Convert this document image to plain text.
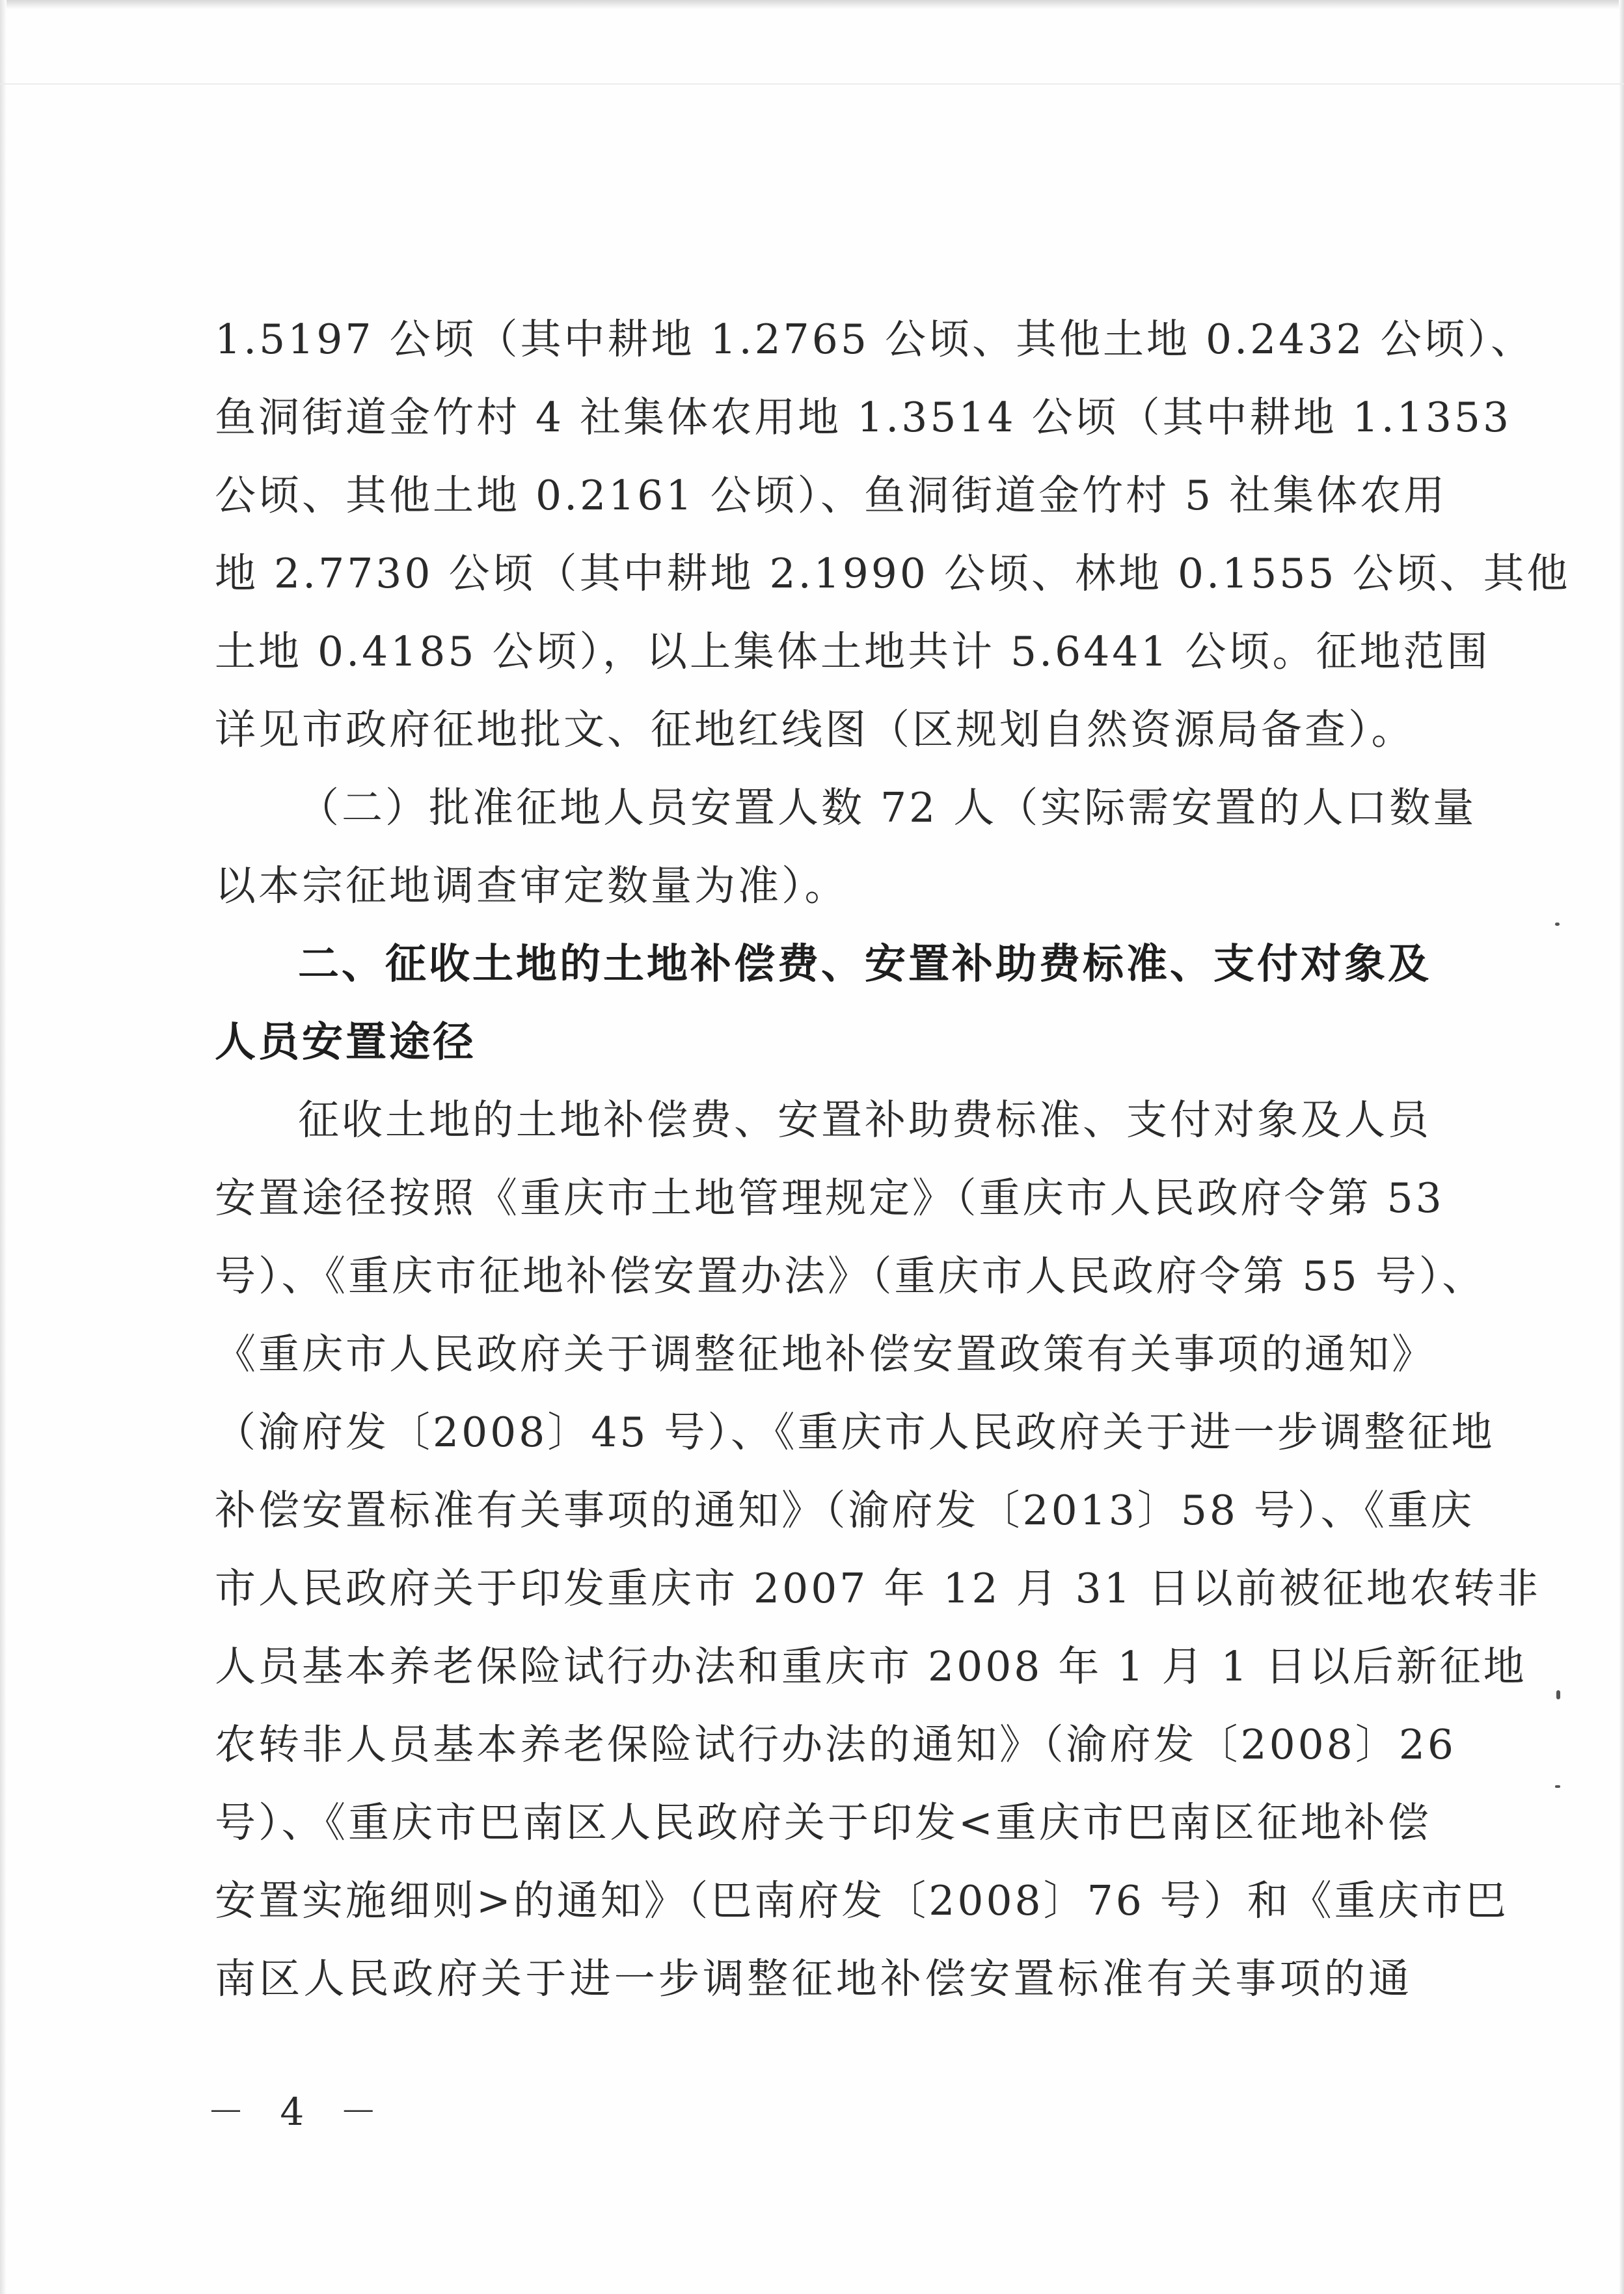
1.5197 公顷（其中耕地 1.2765 公顷、其他土地 0.2432 公顷）、
鱼洞街道金竹村 4 社集体农用地 1.3514 公顷（其中耕地 1.1353
公顷、其他土地 0.2161 公顷）、鱼洞街道金竹村 5 社集体农用
地 2.7730 公顷（其中耕地 2.1990 公顷、林地 0.1555 公顷、其他
土地 0.4185 公顷），以上集体土地共计 5.6441 公顷。征地范围
详见市政府征地批文、征地红线图（区规划自然资源局备查）。
（二）批准征地人员安置人数 72 人（实际需安置的人口数量
以本宗征地调查审定数量为准）。
二、征收土地的土地补偿费、安置补助费标准、支付对象及
人员安置途径
征收土地的土地补偿费、安置补助费标准、支付对象及人员
安置途径按照《重庆市土地管理规定》（重庆市人民政府令第 53
号）、《重庆市征地补偿安置办法》（重庆市人民政府令第 55 号）、
《重庆市人民政府关于调整征地补偿安置政策有关事项的通知》
（渝府发〔2008〕45 号）、《重庆市人民政府关于进一步调整征地
补偿安置标准有关事项的通知》（渝府发〔2013〕58 号）、《重庆
市人民政府关于印发重庆市 2007 年 12 月 31 日以前被征地农转非
人员基本养老保险试行办法和重庆市 2008 年 1 月 1 日以后新征地
农转非人员基本养老保险试行办法的通知》（渝府发〔2008〕26
号）、《重庆市巴南区人民政府关于印发<重庆市巴南区征地补偿
安置实施细则>的通知》（巴南府发〔2008〕76 号）和《重庆市巴
南区人民政府关于进一步调整征地补偿安置标准有关事项的通
－ 4 －
